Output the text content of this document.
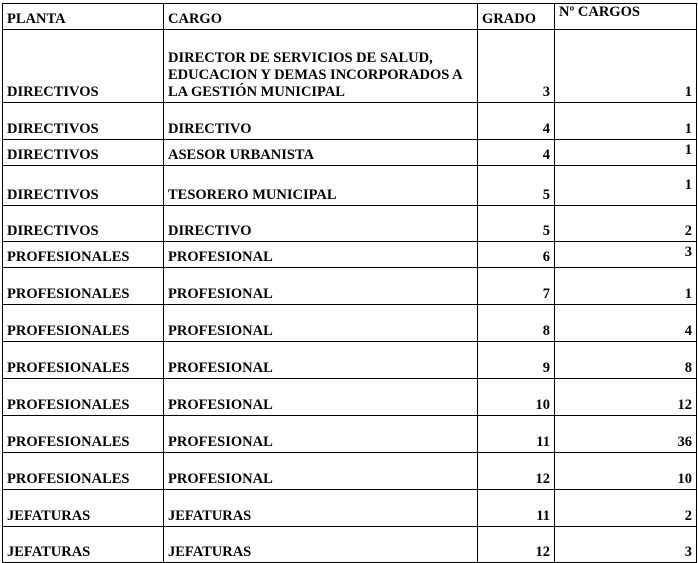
PLANTA	CARGO	GRADO	Nº CARGOS
DIRECTIVOS	DIRECTOR DE SERVICIOS DE SALUD, EDUCACION Y DEMAS INCORPORADOS A LA GESTIÓN MUNICIPAL	3	1
DIRECTIVOS	DIRECTIVO	4	1
DIRECTIVOS	ASESOR URBANISTA	4	1
DIRECTIVOS	TESORERO MUNICIPAL	5	1
DIRECTIVOS	DIRECTIVO	5	2
PROFESIONALES	PROFESIONAL	6	3
PROFESIONALES	PROFESIONAL	7	1
PROFESIONALES	PROFESIONAL	8	4
PROFESIONALES	PROFESIONAL	9	8
PROFESIONALES	PROFESIONAL	10	12
PROFESIONALES	PROFESIONAL	11	36
PROFESIONALES	PROFESIONAL	12	10
JEFATURAS	JEFATURAS	11	2
JEFATURAS	JEFATURAS	12	3
